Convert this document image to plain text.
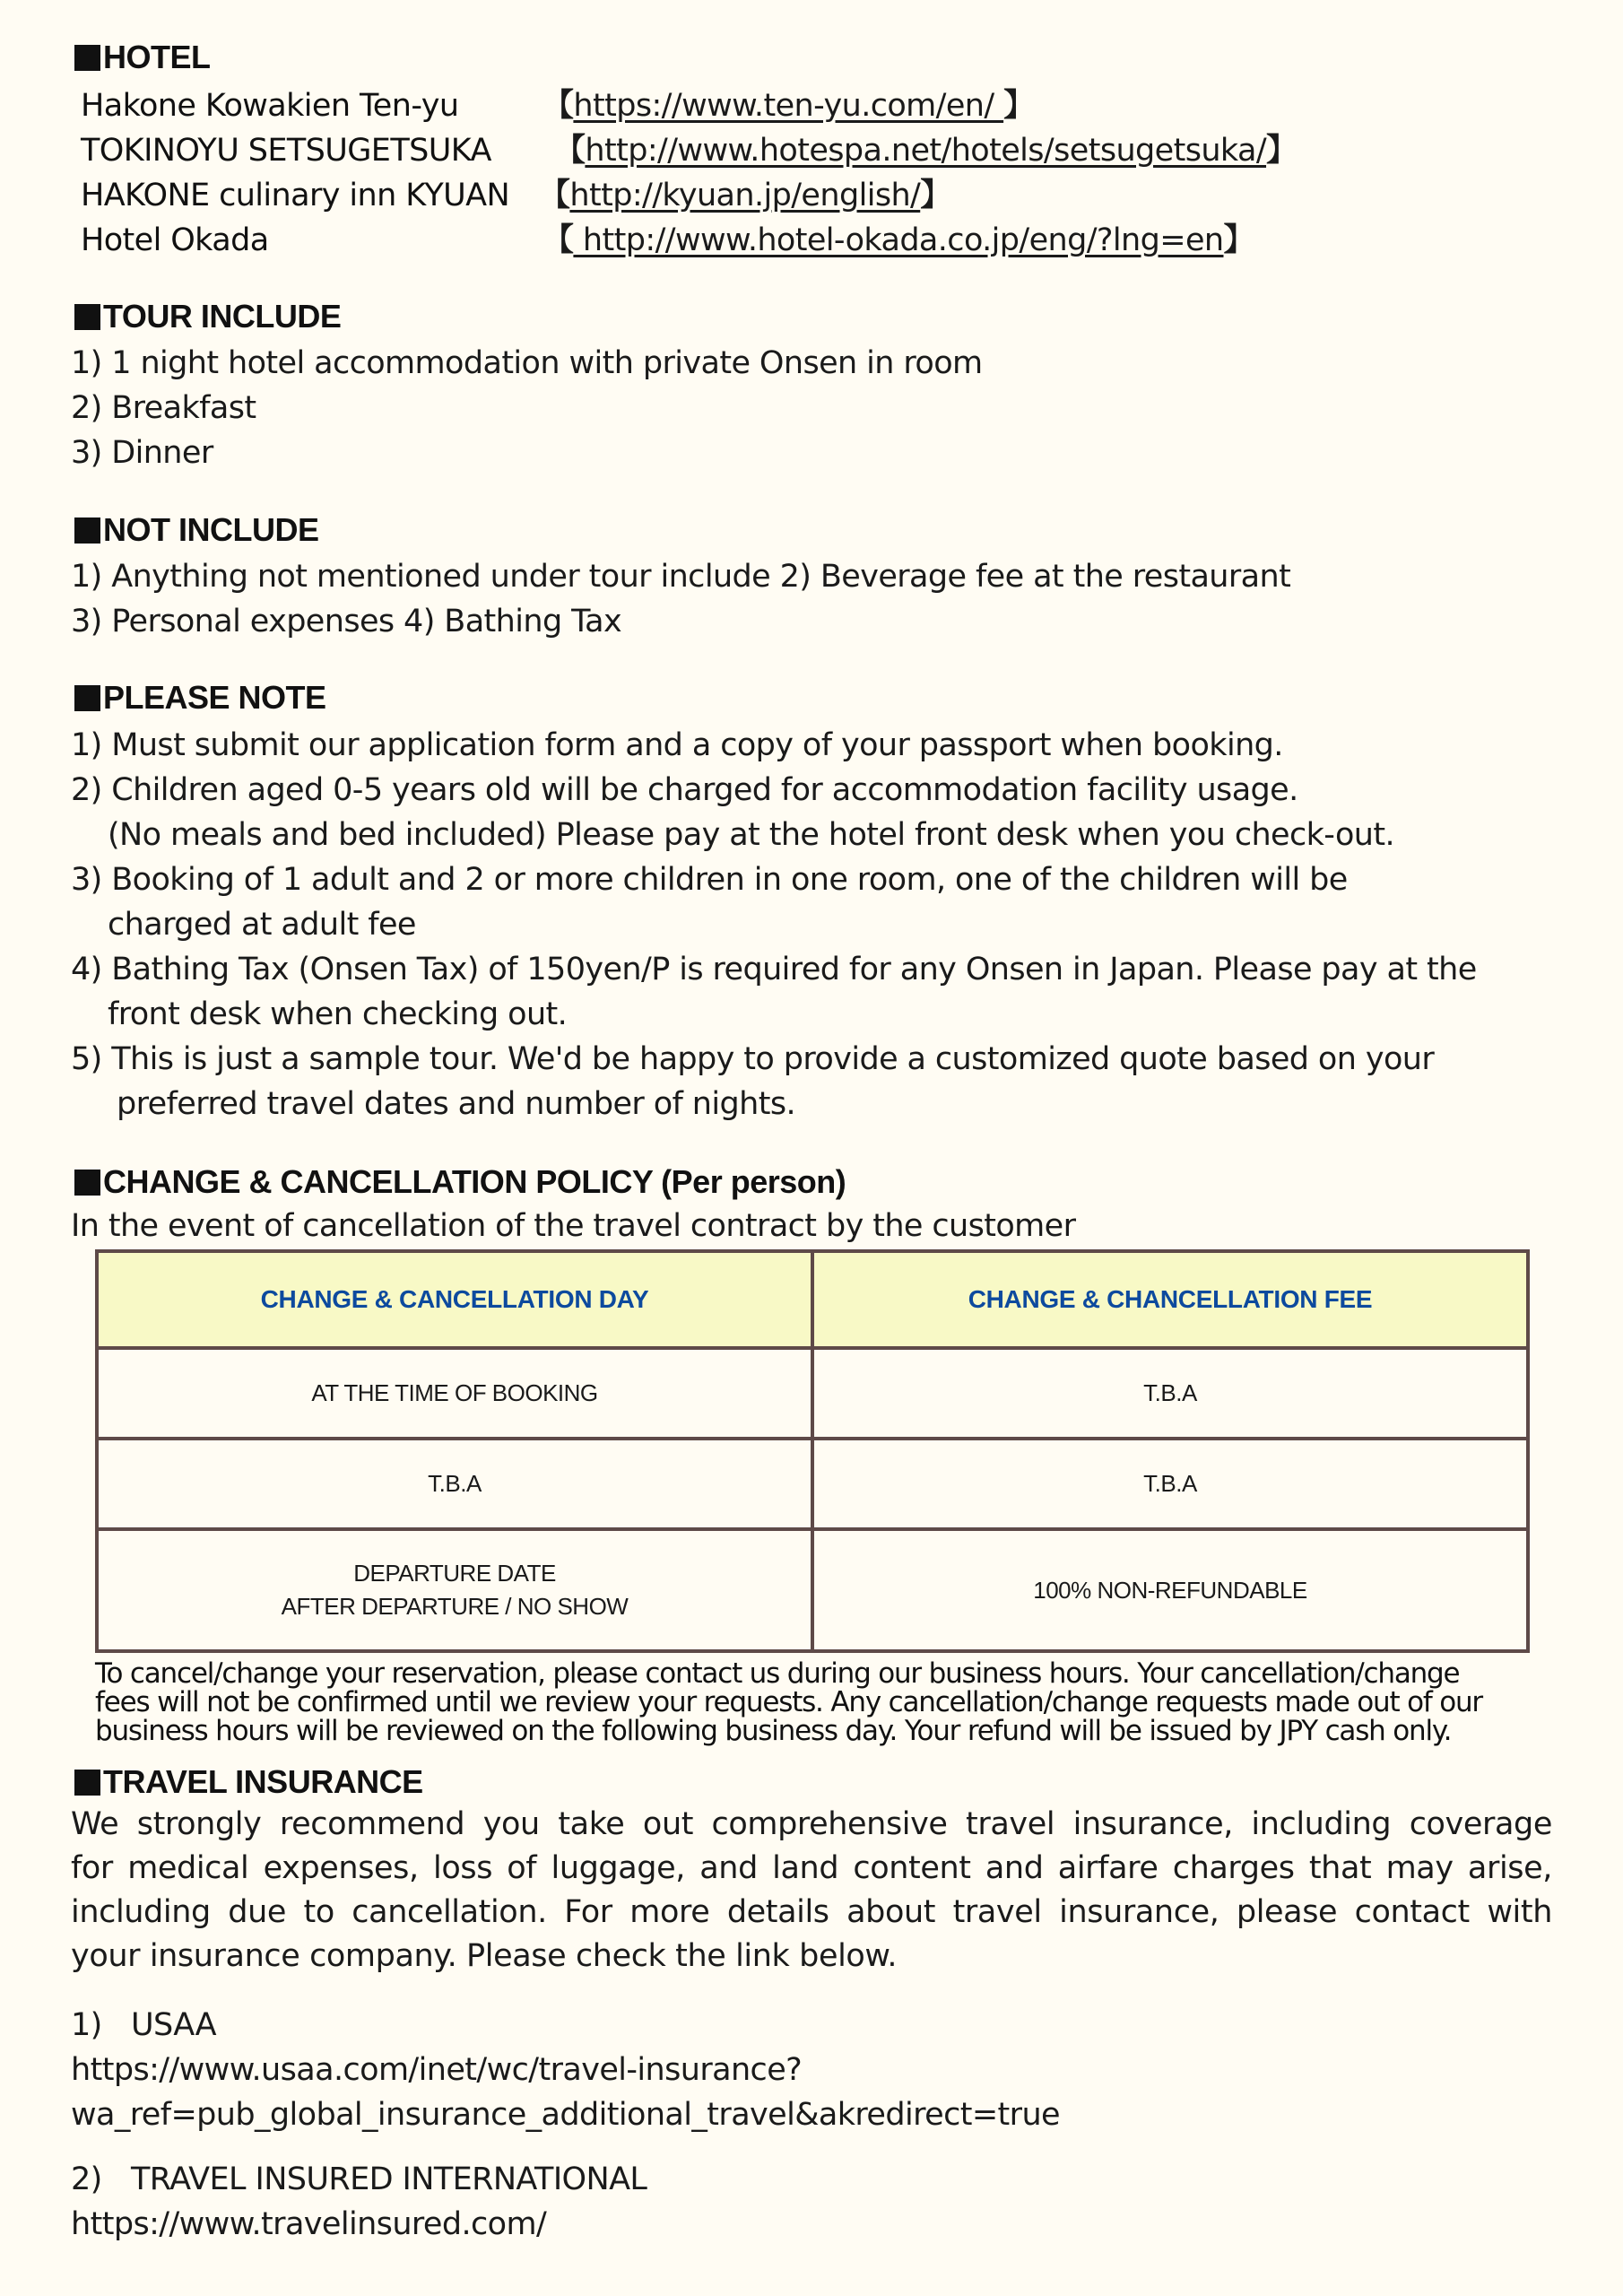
HOTEL
Hakone Kowakien Ten-yu	【https://www.ten-yu.com/en/ 】
TOKINOYU SETSUGETSUKA 【http://www.hotespa.net/hotels/setsugetsuka/】
HAKONE culinary inn KYUAN 【http://kyuan.jp/english/】
Hotel Okada	【 http://www.hotel-okada.co.jp/eng/?lng=en】
TOUR INCLUDE
1) 1 night hotel accommodation with private Onsen in room
2) Breakfast
3) Dinner
NOT INCLUDE
1) Anything not mentioned under tour include 2) Beverage fee at the restaurant
3) Personal expenses 4) Bathing Tax
PLEASE NOTE
1) Must submit our application form and a copy of your passport when booking.
2) Children aged 0-5 years old will be charged for accommodation facility usage.
(No meals and bed included) Please pay at the hotel front desk when you check-out.
3) Booking of 1 adult and 2 or more children in one room, one of the children will be
charged at adult fee
4) Bathing Tax (Onsen Tax) of 150yen/P is required for any Onsen in Japan. Please pay at the
front desk when checking out.
5) This is just a sample tour. We'd be happy to provide a customized quote based on your
preferred travel dates and number of nights.
CHANGE & CANCELLATION POLICY (Per person)
In the event of cancellation of the travel contract by the customer
CHANGE & CANCELLATION DAY	CHANGE & CHANCELLATION FEE
AT THE TIME OF BOOKING	T.B.A
T.B.A	T.B.A

DEPARTURE DATE
AFTER DEPARTURE / NO SHOW	100% NON-REFUNDABLE
To cancel/change your reservation, please contact us during our business hours. Your cancellation/change
fees will not be confirmed until we review your requests. Any cancellation/change requests made out of our
business hours will be reviewed on the following business day. Your refund will be issued by JPY cash only.
TRAVEL INSURANCE
We strongly recommend you take out comprehensive travel insurance, including coverage
for medical expenses, loss of luggage, and land content and airfare charges that may arise,
including due to cancellation. For more details about travel insurance, please contact with
your insurance company. Please check the link below.
1) USAA
https://www.usaa.com/inet/wc/travel-insurance?
wa_ref=pub_global_insurance_additional_travel&akredirect=true
2) TRAVEL INSURED INTERNATIONAL
https://www.travelinsured.com/
